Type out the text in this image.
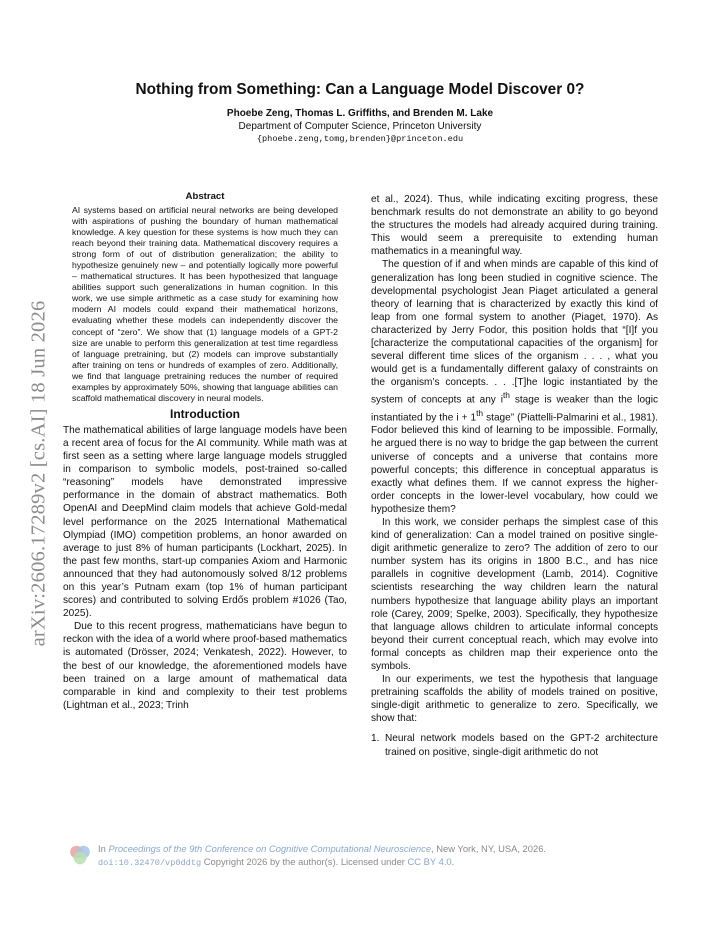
arXiv:2606.17289v2 [cs.AI] 18 Jun 2026
Nothing from Something: Can a Language Model Discover 0?
Phoebe Zeng, Thomas L. Griffiths, and Brenden M. Lake
Department of Computer Science, Princeton University
{phoebe.zeng,tomg,brenden}@princeton.edu
Abstract

AI systems based on artificial neural networks are being developed with aspirations of pushing the boundary of human mathematical knowledge. A key question for these systems is how much they can reach beyond their training data. Mathematical discovery requires a strong form of out of distribution generalization; the ability to hypothesize genuinely new – and potentially logically more powerful – mathematical structures. It has been hypothesized that language abilities support such generalizations in human cognition. In this work, we use simple arithmetic as a case study for examining how modern AI models could expand their mathematical horizons, evaluating whether these models can independently discover the concept of “zero”. We show that (1) language models of a GPT-2 size are unable to perform this generalization at test time regardless of language pretraining, but (2) models can improve substantially after training on tens or hundreds of examples of zero. Additionally, we find that language pretraining reduces the number of required examples by approximately 50%, showing that language abilities can scaffold mathematical discovery in neural models.

Introduction

The mathematical abilities of large language models have been a recent area of focus for the AI community. While math was at first seen as a setting where large language models struggled in comparison to symbolic models, post-trained so-called “reasoning” models have demonstrated impressive performance in the domain of abstract mathematics. Both OpenAI and DeepMind claim models that achieve Gold-medal level performance on the 2025 International Mathematical Olympiad (IMO) competition problems, an honor awarded on average to just 8% of human participants (Lockhart, 2025). In the past few months, start-up companies Axiom and Harmonic announced that they had autonomously solved 8/12 problems on this year’s Putnam exam (top 1% of human participant scores) and contributed to solving Erdős problem #1026 (Tao, 2025).

Due to this recent progress, mathematicians have begun to reckon with the idea of a world where proof-based mathematics is automated (Drösser, 2024; Venkatesh, 2022). However, to the best of our knowledge, the aforementioned models have been trained on a large amount of mathematical data comparable in kind and complexity to their test problems (Lightman et al., 2023; Trinh

et al., 2024). Thus, while indicating exciting progress, these benchmark results do not demonstrate an ability to go beyond the structures the models had already acquired during training. This would seem a prerequisite to extending human mathematics in a meaningful way.

The question of if and when minds are capable of this kind of generalization has long been studied in cognitive science. The developmental psychologist Jean Piaget articulated a general theory of learning that is characterized by exactly this kind of leap from one formal system to another (Piaget, 1970). As characterized by Jerry Fodor, this position holds that “[I]f you [characterize the computational capacities of the organism] for several different time slices of the organism . . . , what you would get is a fundamentally different galaxy of constraints on the organism’s concepts. . . .[T]he logic instantiated by the system of concepts at any $i^{th}$ stage is weaker than the logic instantiated by the i + 1th stage” (Piattelli-Palmarini et al., 1981). Fodor believed this kind of learning to be impossible. Formally, he argued there is no way to bridge the gap between the current universe of concepts and a universe that contains more powerful concepts; this difference in conceptual apparatus is exactly what defines them. If we cannot express the higher-order concepts in the lower-level vocabulary, how could we hypothesize them?

In this work, we consider perhaps the simplest case of this kind of generalization: Can a model trained on positive single-digit arithmetic generalize to zero? The addition of zero to our number system has its origins in 1800 B.C., and has nice parallels in cognitive development (Lamb, 2014). Cognitive scientists researching the way children learn the natural numbers hypothesize that language ability plays an important role (Carey, 2009; Spelke, 2003). Specifically, they hypothesize that language allows children to articulate informal concepts beyond their current conceptual reach, which may evolve into formal concepts as children map their experience onto the symbols.

In our experiments, we test the hypothesis that language pretraining scaffolds the ability of models trained on positive, single-digit arithmetic to generalize to zero. Specifically, we show that:

1. Neural network models based on the GPT-2 architecture trained on positive, single-digit arithmetic do not
In Proceedings of the 9th Conference on Cognitive Computational Neuroscience, New York, NY, USA, 2026.
doi:10.32470/vp0ddtg Copyright 2026 by the author(s). Licensed under CC BY 4.0.
